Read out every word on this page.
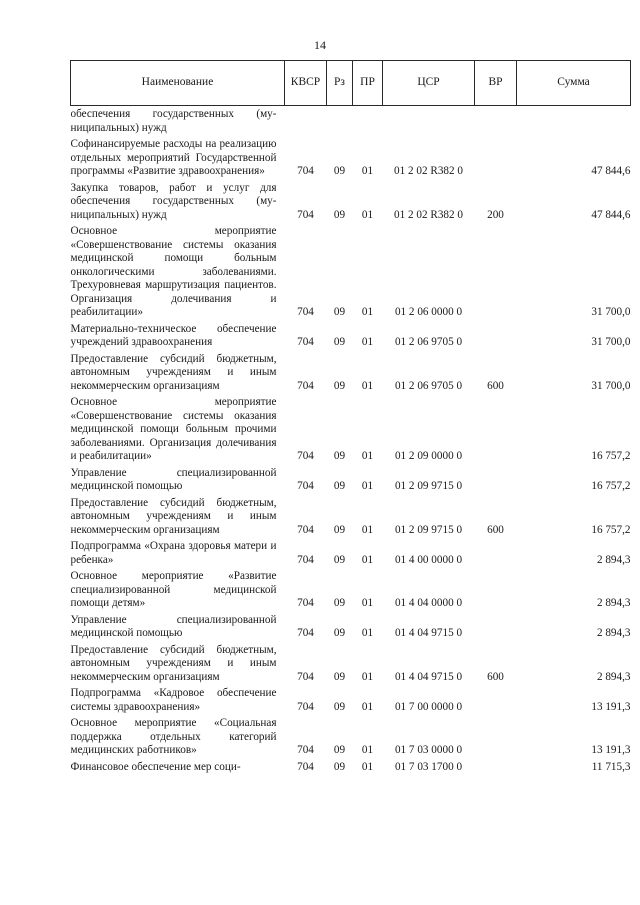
14
Наименование	КВСР	Рз	ПР	ЦСР	ВР	Сумма
обеспечения государственных (му-ниципальных) нужд						
Софинансируемые расходы на реализацию отдельных мероприятий Государственной программы «Развитие здравоохранения»	704	09	01	01 2 02 R382 0		47 844,6
Закупка товаров, работ и услуг для обеспечения государственных (му-ниципальных) нужд	704	09	01	01 2 02 R382 0	200	47 844,6
Основное мероприятие «Совершенствование системы оказания медицинской помощи больным онкологическими заболеваниями. Трехуровневая маршрутизация пациентов. Организация долечивания и реабилитации»	704	09	01	01 2 06 0000 0		31 700,0
Материально-техническое обеспечение учреждений здравоохранения	704	09	01	01 2 06 9705 0		31 700,0
Предоставление субсидий бюджетным, автономным учреждениям и иным некоммерческим организациям	704	09	01	01 2 06 9705 0	600	31 700,0
Основное мероприятие «Совершенствование системы оказания медицинской помощи больным прочими заболеваниями. Организация долечивания и реабилитации»	704	09	01	01 2 09 0000 0		16 757,2
Управление специализированной медицинской помощью	704	09	01	01 2 09 9715 0		16 757,2
Предоставление субсидий бюджетным, автономным учреждениям и иным некоммерческим организациям	704	09	01	01 2 09 9715 0	600	16 757,2
Подпрограмма «Охрана здоровья матери и ребенка»	704	09	01	01 4 00 0000 0		2 894,3
Основное мероприятие «Развитие специализированной медицинской помощи детям»	704	09	01	01 4 04 0000 0		2 894,3
Управление специализированной медицинской помощью	704	09	01	01 4 04 9715 0		2 894,3
Предоставление субсидий бюджетным, автономным учреждениям и иным некоммерческим организациям	704	09	01	01 4 04 9715 0	600	2 894,3
Подпрограмма «Кадровое обеспечение системы здравоохранения»	704	09	01	01 7 00 0000 0		13 191,3
Основное мероприятие «Социальная поддержка отдельных категорий медицинских работников»	704	09	01	01 7 03 0000 0		13 191,3
Финансовое обеспечение мер соци-	704	09	01	01 7 03 1700 0		11 715,3
